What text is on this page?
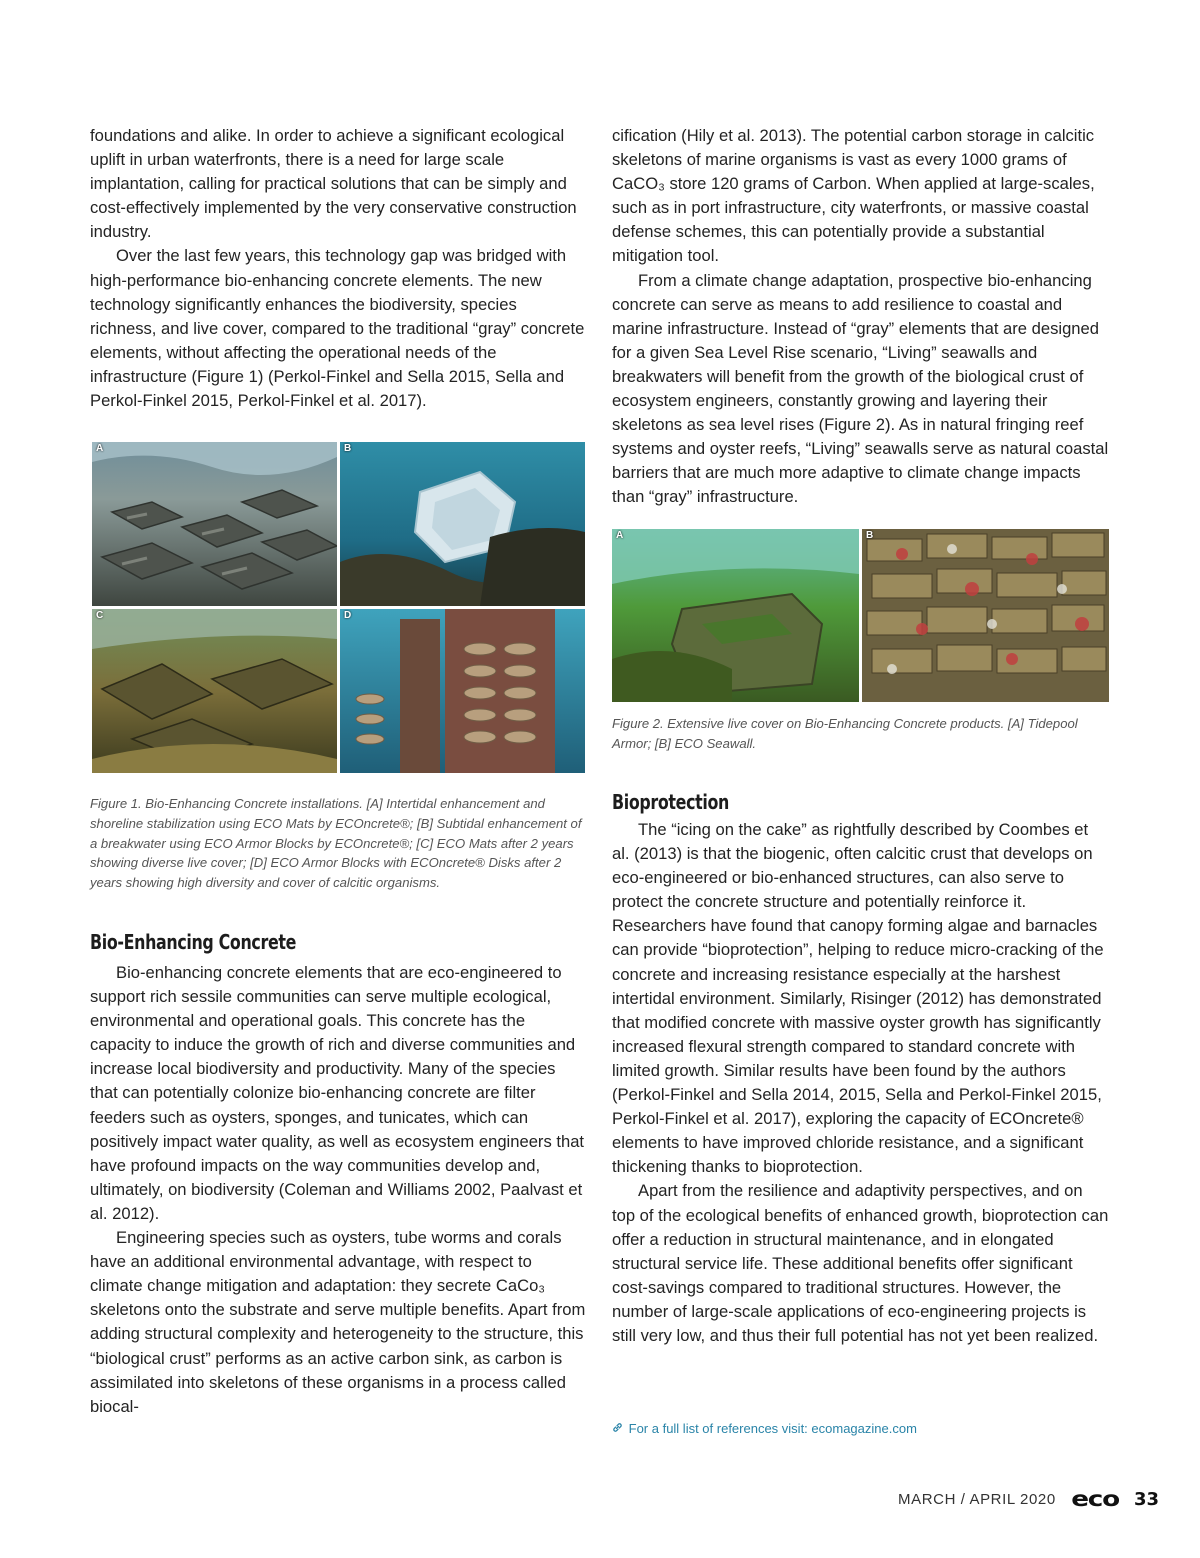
foundations and alike. In order to achieve a significant ecological uplift in urban waterfronts, there is a need for large scale implantation, calling for practical solutions that can be simply and cost-effectively implemented by the very conservative construction industry.

Over the last few years, this technology gap was bridged with high-performance bio-enhancing concrete elements. The new technology significantly enhances the biodiversity, species richness, and live cover, compared to the traditional “gray” concrete elements, without affecting the operational needs of the infrastructure (Figure 1) (Perkol-Finkel and Sella 2015, Sella and Perkol-Finkel 2015, Perkol-Finkel et al. 2017).

A	B
C	D

Figure 1. Bio-Enhancing Concrete installations. [A] Intertidal enhancement and shoreline stabilization using ECO Mats by ECOncrete®; [B] Subtidal enhancement of a breakwater using ECO Armor Blocks by ECOncrete®; [C] ECO Mats after 2 years showing diverse live cover; [D] ECO Armor Blocks with ECOncrete® Disks after 2 years showing high diversity and cover of calcitic organisms.

Bio-Enhancing Concrete

Bio-enhancing concrete elements that are eco-engineered to support rich sessile communities can serve multiple ecological, environmental and operational goals. This concrete has the capacity to induce the growth of rich and diverse communities and increase local biodiversity and productivity. Many of the species that can potentially colonize bio-enhancing concrete are filter feeders such as oysters, sponges, and tunicates, which can positively impact water quality, as well as ecosystem engineers that have profound impacts on the way communities develop and, ultimately, on biodiversity (Coleman and Williams 2002, Paalvast et al. 2012).

Engineering species such as oysters, tube worms and corals have an additional environmental advantage, with respect to climate change mitigation and adaptation: they secrete CaCo₃ skeletons onto the substrate and serve multiple benefits. Apart from adding structural complexity and heterogeneity to the structure, this “biological crust” performs as an active carbon sink, as carbon is assimilated into skeletons of these organisms in a process called biocal-

cification (Hily et al. 2013). The potential carbon storage in calcitic skeletons of marine organisms is vast as every 1000 grams of CaCO₃ store 120 grams of Carbon. When applied at large-scales, such as in port infrastructure, city waterfronts, or massive coastal defense schemes, this can potentially provide a substantial mitigation tool.

From a climate change adaptation, prospective bio-enhancing concrete can serve as means to add resilience to coastal and marine infrastructure. Instead of “gray” elements that are designed for a given Sea Level Rise scenario, “Living” seawalls and breakwaters will benefit from the growth of the biological crust of ecosystem engineers, constantly growing and layering their skeletons as sea level rises (Figure 2). As in natural fringing reef systems and oyster reefs, “Living” seawalls serve as natural coastal barriers that are much more adaptive to climate change impacts than “gray” infrastructure.

A	B

Figure 2. Extensive live cover on Bio-Enhancing Concrete products. [A] Tidepool Armor; [B] ECO Seawall.

Bioprotection

The “icing on the cake” as rightfully described by Coombes et al. (2013) is that the biogenic, often calcitic crust that develops on eco-engineered or bio-enhanced structures, can also serve to protect the concrete structure and potentially reinforce it. Researchers have found that canopy forming algae and barnacles can provide “bioprotection”, helping to reduce micro-cracking of the concrete and increasing resistance especially at the harshest intertidal environment. Similarly, Risinger (2012) has demonstrated that modified concrete with massive oyster growth has significantly increased flexural strength compared to standard concrete with limited growth. Similar results have been found by the authors (Perkol-Finkel and Sella 2014, 2015, Sella and Perkol-Finkel 2015, Perkol-Finkel et al. 2017), exploring the capacity of ECOncrete® elements to have improved chloride resistance, and a significant thickening thanks to bioprotection.

Apart from the resilience and adaptivity perspectives, and on top of the ecological benefits of enhanced growth, bioprotection can offer a reduction in structural maintenance, and in elongated structural service life. These additional benefits offer significant cost-savings compared to traditional structures. However, the number of large-scale applications of eco-engineering projects is still very low, and thus their full potential has not yet been realized.

For a full list of references visit: ecomagazine.com
MARCH / APRIL 2020 eco 33
